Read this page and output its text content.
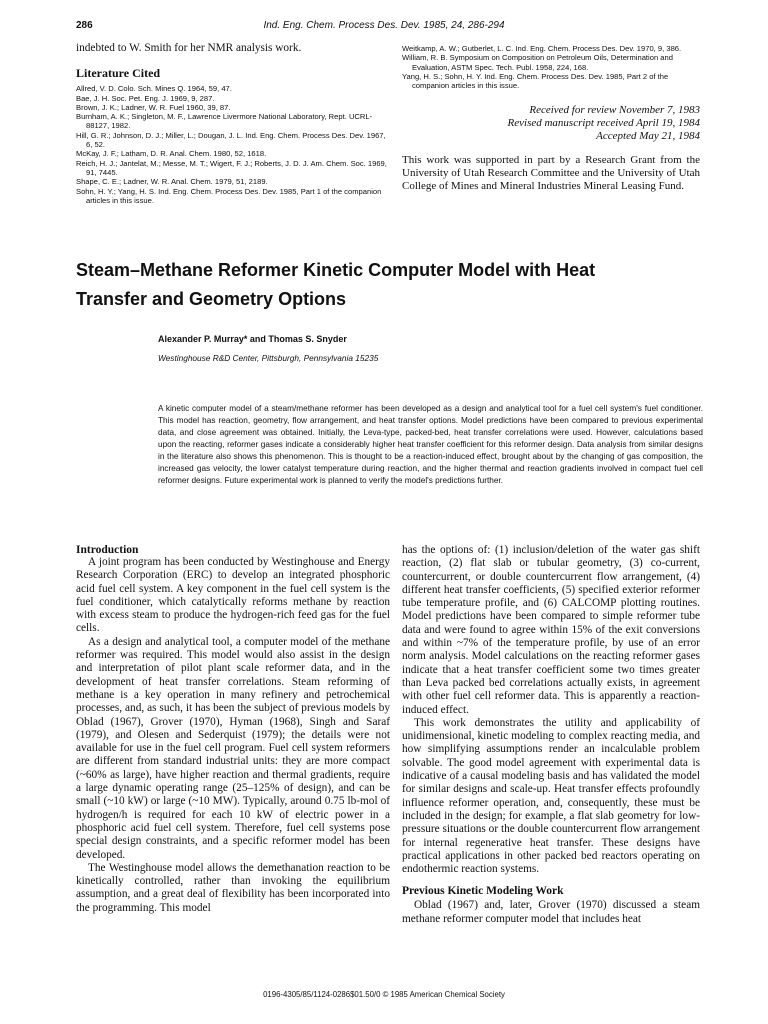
286	Ind. Eng. Chem. Process Des. Dev. 1985, 24, 286-294

indebted to W. Smith for her NMR analysis work.

Literature Cited

Allred, V. D. Colo. Sch. Mines Q. 1964, 59, 47.

Bae, J. H. Soc. Pet. Eng. J. 1969, 9, 287.

Brown, J. K.; Ladner, W. R. Fuel 1960, 39, 87.

Burnham, A. K.; Singleton, M. F., Lawrence Livermore National Laboratory, Rept. UCRL-88127, 1982.

Hill, G. R.; Johnson, D. J.; Miller, L.; Dougan, J. L. Ind. Eng. Chem. Process Des. Dev. 1967, 6, 52.

McKay, J. F.; Latham, D. R. Anal. Chem. 1980, 52, 1618.

Reich, H. J.; Jantelat, M.; Messe, M. T.; Wigert, F. J.; Roberts, J. D. J. Am. Chem. Soc. 1969, 91, 7445.

Shape, C. E.; Ladner, W. R. Anal. Chem. 1979, 51, 2189.

Sohn, H. Y.; Yang, H. S. Ind. Eng. Chem. Process Des. Dev. 1985, Part 1 of the companion articles in this issue.

Weitkamp, A. W.; Gutberlet, L. C. Ind. Eng. Chem. Process Des. Dev. 1970, 9, 386.

William, R. B. Symposium on Composition on Petroleum Oils, Determination and Evaluation, ASTM Spec. Tech. Publ. 1958, 224, 168.

Yang, H. S.; Sohn, H. Y. Ind. Eng. Chem. Process Des. Dev. 1985, Part 2 of the companion articles in this issue.

Received for review November 7, 1983
Revised manuscript received April 19, 1984
Accepted May 21, 1984

This work was supported in part by a Research Grant from the University of Utah Research Committee and the University of Utah College of Mines and Mineral Industries Mineral Leasing Fund.

Steam–Methane Reformer Kinetic Computer Model with Heat
Transfer and Geometry Options
Alexander P. Murray* and Thomas S. Snyder
Westinghouse R&D Center, Pittsburgh, Pennsylvania 15235

A kinetic computer model of a steam/methane reformer has been developed as a design and analytical tool for a fuel cell system's fuel conditioner. This model has reaction, geometry, flow arrangement, and heat transfer options. Model predictions have been compared to previous experimental data, and close agreement was obtained. Initially, the Leva-type, packed-bed, heat transfer correlations were used. However, calculations based upon the reacting, reformer gases indicate a considerably higher heat transfer coefficient for this reformer design. Data analysis from similar designs in the literature also shows this phenomenon. This is thought to be a reaction-induced effect, brought about by the changing of gas composition, the increased gas velocity, the lower catalyst temperature during reaction, and the higher thermal and reaction gradients involved in compact fuel cell reformer designs. Future experimental work is planned to verify the model's predictions further.

Introduction

A joint program has been conducted by Westinghouse and Energy Research Corporation (ERC) to develop an integrated phosphoric acid fuel cell system. A key component in the fuel cell system is the fuel conditioner, which catalytically reforms methane by reaction with excess steam to produce the hydrogen-rich feed gas for the fuel cells.

As a design and analytical tool, a computer model of the methane reformer was required. This model would also assist in the design and interpretation of pilot plant scale reformer data, and in the development of heat transfer correlations. Steam reforming of methane is a key operation in many refinery and petrochemical processes, and, as such, it has been the subject of previous models by Oblad (1967), Grover (1970), Hyman (1968), Singh and Saraf (1979), and Olesen and Sederquist (1979); the details were not available for use in the fuel cell program. Fuel cell system reformers are different from standard industrial units: they are more compact (~60% as large), have higher reaction and thermal gradients, require a large dynamic operating range (25–125% of design), and can be small (~10 kW) or large (~10 MW). Typically, around 0.75 lb-mol of hydrogen/h is required for each 10 kW of electric power in a phosphoric acid fuel cell system. Therefore, fuel cell systems pose special design constraints, and a specific reformer model has been developed.

The Westinghouse model allows the demethanation reaction to be kinetically controlled, rather than invoking the equilibrium assumption, and a great deal of flexibility has been incorporated into the programming. This model

has the options of: (1) inclusion/deletion of the water gas shift reaction, (2) flat slab or tubular geometry, (3) co-current, countercurrent, or double countercurrent flow arrangement, (4) different heat transfer coefficients, (5) specified exterior reformer tube temperature profile, and (6) CALCOMP plotting routines. Model predictions have been compared to simple reformer tube data and were found to agree within 15% of the exit conversions and within ~7% of the temperature profile, by use of an error norm analysis. Model calculations on the reacting reformer gases indicate that a heat transfer coefficient some two times greater than Leva packed bed correlations actually exists, in agreement with other fuel cell reformer data. This is apparently a reaction-induced effect.

This work demonstrates the utility and applicability of unidimensional, kinetic modeling to complex reacting media, and how simplifying assumptions render an incalculable problem solvable. The good model agreement with experimental data is indicative of a causal modeling basis and has validated the model for similar designs and scale-up. Heat transfer effects profoundly influence reformer operation, and, consequently, these must be included in the design; for example, a flat slab geometry for low-pressure situations or the double countercurrent flow arrangement for internal regenerative heat transfer. These designs have practical applications in other packed bed reactors operating on endothermic reaction systems.

Previous Kinetic Modeling Work

Oblad (1967) and, later, Grover (1970) discussed a steam methane reformer computer model that includes heat

0196-4305/85/1124-0286$01.50/0 © 1985 American Chemical Society
